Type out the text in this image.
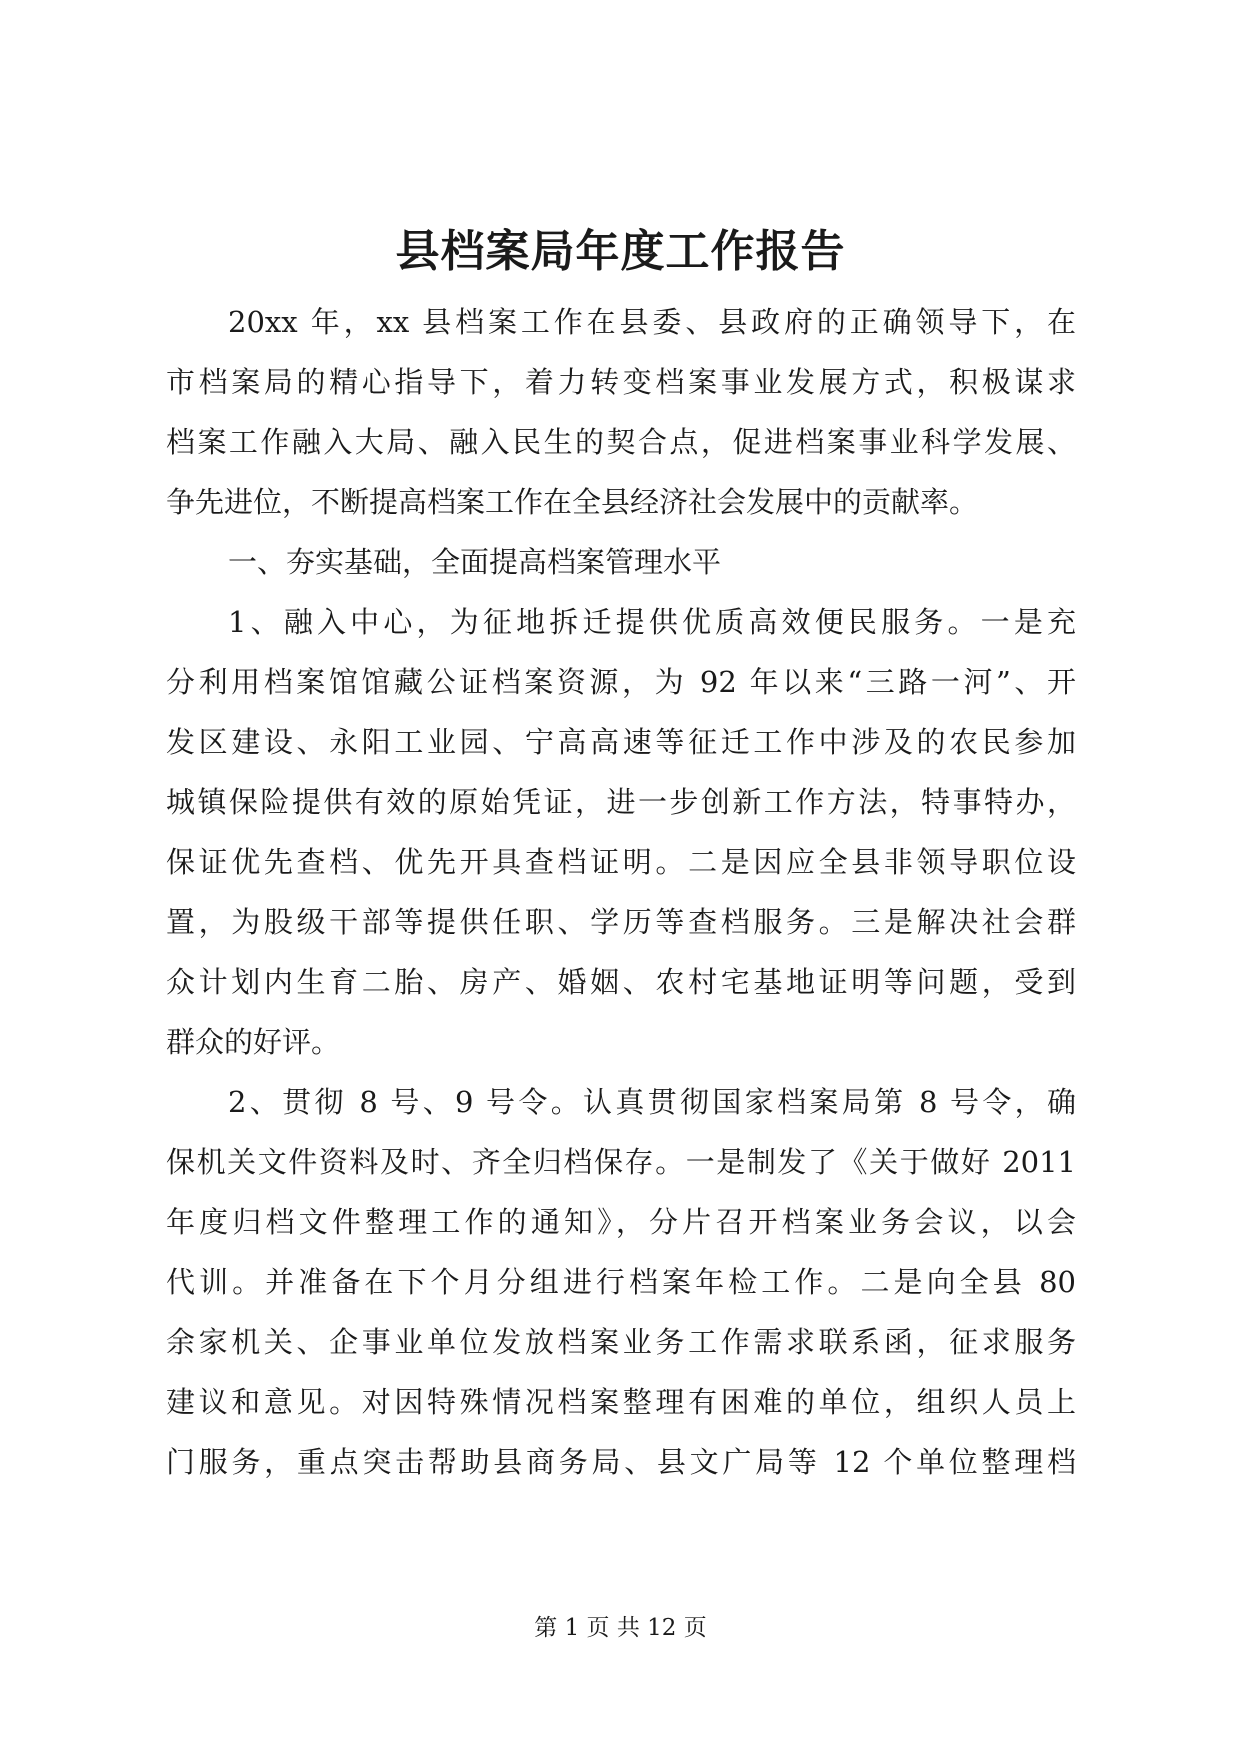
县档案局年度工作报告
20xx 年，xx 县档案工作在县委、县政府的正确领导下，在
市档案局的精心指导下，着力转变档案事业发展方式，积极谋求
档案工作融入大局、融入民生的契合点，促进档案事业科学发展、
争先进位，不断提高档案工作在全县经济社会发展中的贡献率。
一、夯实基础，全面提高档案管理水平
1、融入中心，为征地拆迁提供优质高效便民服务。一是充
分利用档案馆馆藏公证档案资源，为 92 年以来“三路一河”、开
发区建设、永阳工业园、宁高高速等征迁工作中涉及的农民参加
城镇保险提供有效的原始凭证，进一步创新工作方法，特事特办，
保证优先查档、优先开具查档证明。二是因应全县非领导职位设
置，为股级干部等提供任职、学历等查档服务。三是解决社会群
众计划内生育二胎、房产、婚姻、农村宅基地证明等问题，受到
群众的好评。
2、贯彻 8 号、9 号令。认真贯彻国家档案局第 8 号令，确
保机关文件资料及时、齐全归档保存。一是制发了《关于做好 2011
年度归档文件整理工作的通知》，分片召开档案业务会议，以会
代训。并准备在下个月分组进行档案年检工作。二是向全县 80
余家机关、企事业单位发放档案业务工作需求联系函，征求服务
建议和意见。对因特殊情况档案整理有困难的单位，组织人员上
门服务，重点突击帮助县商务局、县文广局等 12 个单位整理档
第 1 页 共 12 页
